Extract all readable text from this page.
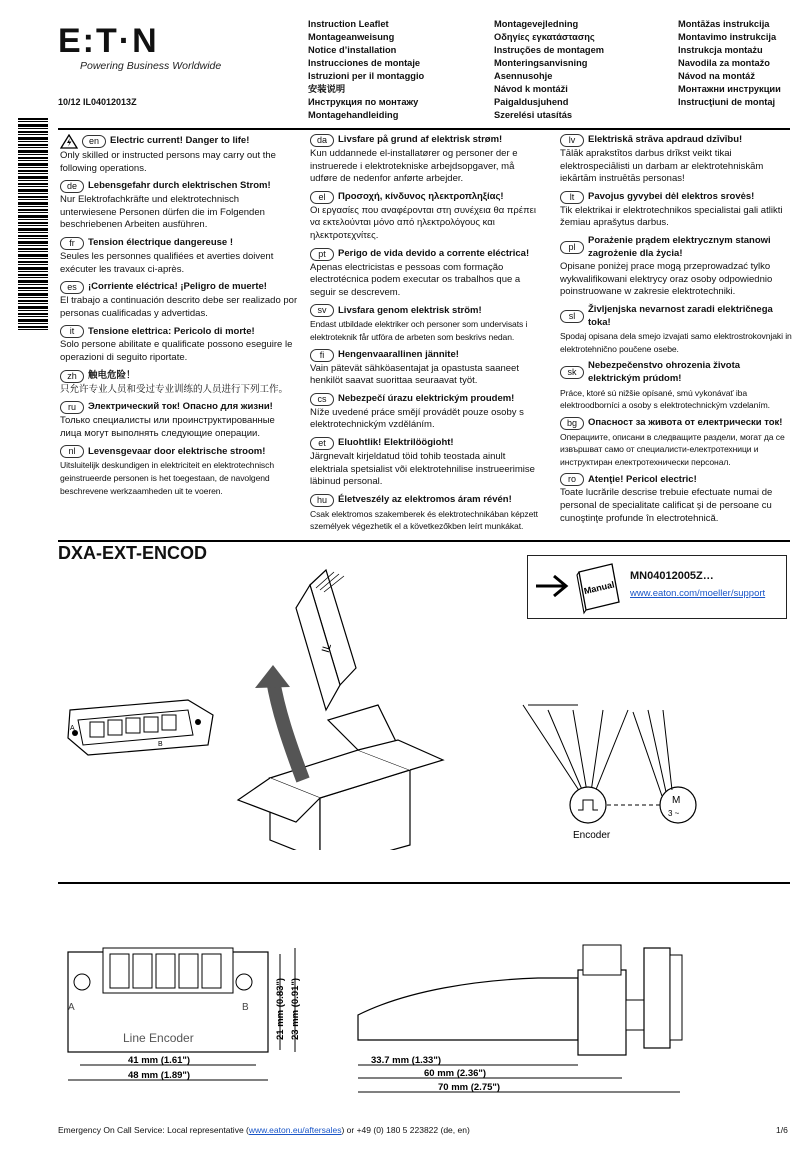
E:T·N
Powering Business Worldwide
10/12 IL04012013Z
Instruction Leaflet
Montageanweisung
Notice d’installation
Instrucciones de montaje
Istruzioni per il montaggio
安装说明
Инструкция по монтажу
Montagehandleiding
Montagevejledning
Οδηγίες εγκατάστασης
Instruções de montagem
Monteringsanvisning
Asennusohje
Návod k montáži
Paigaldusjuhend
Szerelési utasítás
Montāžas instrukcija
Montavimo instrukcija
Instrukcja montażu
Navodila za montažo
Návod na montáž
Монтажни инструкции
Instrucţiuni de montaj
en	Electric current! Danger to life!
Only skilled or instructed persons may carry out the following operations.
de	Lebensgefahr durch elektrischen Strom!
Nur Elektrofachkräfte und elektrotechnisch unterwiesene Personen dürfen die im Folgenden beschriebenen Arbeiten ausführen.
fr	Tension électrique dangereuse !
Seules les personnes qualifiées et averties doivent exécuter les travaux ci-après.
es	¡Corriente eléctrica! ¡Peligro de muerte!
El trabajo a continuación descrito debe ser realizado por personas cualificadas y advertidas.
it	Tensione elettrica: Pericolo di morte!
Solo persone abilitate e qualificate possono eseguire le operazioni di seguito riportate.
zh	触电危险！
只允许专业人员和受过专业训练的人员进行下列工作。
ru	Электрический ток! Опасно для жизни!
Только специалисты или проинструктированные лица могут выполнять следующие операции.
nl	Levensgevaar door elektrische stroom!
Uitsluitelijk deskundigen in elektriciteit en elektrotechnisch geinstrueerde personen is het toegestaan, de navolgend beschrevene werkzaamheden uit te voeren.
da	Livsfare på grund af elektrisk strøm!
Kun uddannede el-installatører og personer der e instruerede i elektrotekniske arbejdsopgaver, må udføre de nedenfor anførte arbejder.
el	Προσοχή, κίνδυνος ηλεκτροπληξίας!
Οι εργασίες που αναφέρονται στη συνέχεια θα πρέπει να εκτελούνται μόνο από ηλεκτρολόγους και ηλεκτροτεχνίτες.
pt	Perigo de vida devido a corrente eléctrica!
Apenas electricistas e pessoas com formação electrotécnica podem executar os trabalhos que a seguir se descrevem.
sv	Livsfara genom elektrisk ström!
Endast utbildade elektriker och personer som undervisats i elektroteknik får utföra de arbeten som beskrivs nedan.
fi	Hengenvaarallinen jännite!
Vain pätevät sähköasentajat ja opastusta saaneet henkilöt saavat suorittaa seuraavat työt.
cs	Nebezpečí úrazu elektrickým proudem!
Níže uvedené práce smějí provádět pouze osoby s elektrotechnickým vzděláním.
et	Eluohtlik! Elektrilöögioht!
Järgnevalt kirjeldatud töid tohib teostada ainult elektriala spetsialist või elektrotehnilise instrueerimise läbinud personal.
hu	Életveszély az elektromos áram révén!
Csak elektromos szakemberek és elektrotechnikában képzett személyek végezhetik el a következőkben leírt munkákat.
lv	Elektriskā strāva apdraud dzīvību!
Tālāk aprakstītos darbus drīkst veikt tikai elektrospeciālisti un darbam ar elektrotehniskām iekārtām instruētās personas!
lt	Pavojus gyvybei dėl elektros srovės!
Tik elektrikai ir elektrotechnikos specialistai gali atlikti žemiau aprašytus darbus.
pl
Porażenie prądem elektrycznym stanowi zagrożenie dla życia!
Opisane poniżej prace mogą przeprowadzać tylko wykwalifikowani elektrycy oraz osoby odpowiednio poinstruowane w zakresie elektrotechniki.
sl
Življenjska nevarnost zaradi električnega toka!
Spodaj opisana dela smejo izvajati samo elektrostrokovnjaki in elektrotehnično poučene osebe.
sk
Nebezpečenstvo ohrozenia života elektrickým prúdom!
Práce, ktoré sú nižšie opísané, smú vykonávať iba elektroodborníci a osoby s elektrotechnickým vzdelaním.
bg	Опасност за живота от електрически ток!
Операциите, описани в следващите раздели, могат да се извършват само от специалисти-електротехници и инструктиран електротехнически персонал.
ro	Atenţie! Pericol electric!
Toate lucrările descrise trebuie efectuate numai de personal de specialitate calificat şi de persoane cu cunoştinţe profunde în electrotehnică.
DXA-EXT-ENCOD
Manual
MN04012005Z…
www.eaton.com/moeller/support
IL
A
B
M
3 ~
Encoder
A	B
Line Encoder
41 mm (1.61")
48 mm (1.89")
21 mm (0.83") 23 mm (0.91")
33.7 mm (1.33")
60 mm (2.36")
70 mm (2.75")
Emergency On Call Service: Local representative (www.eaton.eu/aftersales) or +49 (0) 180 5 223822 (de, en)	1/6
